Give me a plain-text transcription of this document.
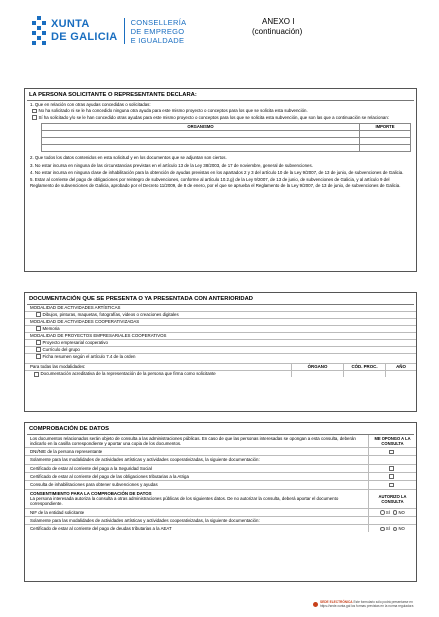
XUNTA
DE GALICIA
CONSELLERÍA
DE EMPREGO
E IGUALDADE
ANEXO I
(continuación)
LA PERSONA SOLICITANTE O REPRESENTANTE DECLARA:
1. Que en relación con otras ayudas concedidas o solicitadas:
No ha solicitado ni se le ha concedido ninguna otra ayuda para este mismo proyecto o conceptos para los que se solicita esta subvención.
Sí ha solicitado y/o se le han concedido otras ayudas para este mismo proyecto o conceptos para los que se solicita esta subvención, que son las que a continuación se relacionan:
ORGANISMO	IMPORTE

2. Que todos los datos contenidos en esta solicitud y en los documentos que se adjuntan son ciertos.
3. No estar incursa en ninguna de las circunstancias previstas en el artículo 13 de la Ley 38/2003, de 17 de noviembre, general de subvenciones.
4. No estar incursa en ninguna clase de inhabilitación para la obtención de ayudas previstas en los apartados 2 y 3 del artículo 10 de la Ley 9/2007, de 13 de junio, de subvenciones de Galicia.
5. Estar al corriente del pago de obligaciones por reintegro de subvenciones, conforme al artículo 10.2.g) de la Ley 9/2007, de 13 de junio, de subvenciones de Galicia, y al artículo 9 del Reglamento de subvenciones de Galicia, aprobado por el Decreto 11/2009, de 8 de enero, por el que se aprueba el Reglamento de la Ley 9/2007, de 13 de junio, de subvenciones de Galicia.
DOCUMENTACIÓN QUE SE PRESENTA O YA PRESENTADA CON ANTERIORIDAD
MODALIDAD DE ACTIVIDADES ARTÍSTICAS
Dibujos, pinturas, maquetas, fotografías, videos o creaciones digitales
MODALIDAD DE ACTIVIDADES COOPERATIVIZADAS
Memoria
MODALIDAD DE PROYECTOS EMPRESARIALES COOPERATIVOS
Proyecto empresarial cooperativo
Currículo del grupo
Ficha resumen según el artículo 7.4 de la orden
Para todas las modalidades:	ÓRGANO	CÓD. PROC.	AÑO
Documentación acreditativa de la representación de la persona que firma como solicitante
COMPROBACIÓN DE DATOS
Los documentos relacionados serán objeto de consulta a las administraciones públicas. En caso de que las personas interesadas se opongan a esta consulta, deberán indicarlo en la casilla correspondiente y aportar una copia de los documentos.
ME OPONGO A LA CONSULTA
DNI/NIE de la persona representante
Solamente para las modalidades de actividades artísticas y actividades cooperativizadas, la siguiente documentación:
Certificado de estar al corriente del pago a la Seguridad Social
Certificado de estar al corriente del pago de las obligaciones tributarias a la Atriga
Consulta de inhabilitaciones para obtener subvenciones y ayudas
CONSENTIMIENTO PARA LA COMPROBACIÓN DE DATOS
La persona interesada autoriza la consulta a otras administraciones públicas de los siguientes datos. De no autorizar la consulta, deberá aportar el documento correspondiente.
AUTORIZO LA CONSULTA
NIF de la entidad solicitante	SÍ	NO
Solamente para las modalidades de actividades artísticas y actividades cooperativizadas, la siguiente documentación:
Certificado de estar al corriente del pago de deudas tributarias a la AEAT	SÍ	NO
SEDE ELECTRÓNICA Este formulario sólo podrá presentarse en
https://sede.xunta.gal los formas previstas en la norma reguladora
